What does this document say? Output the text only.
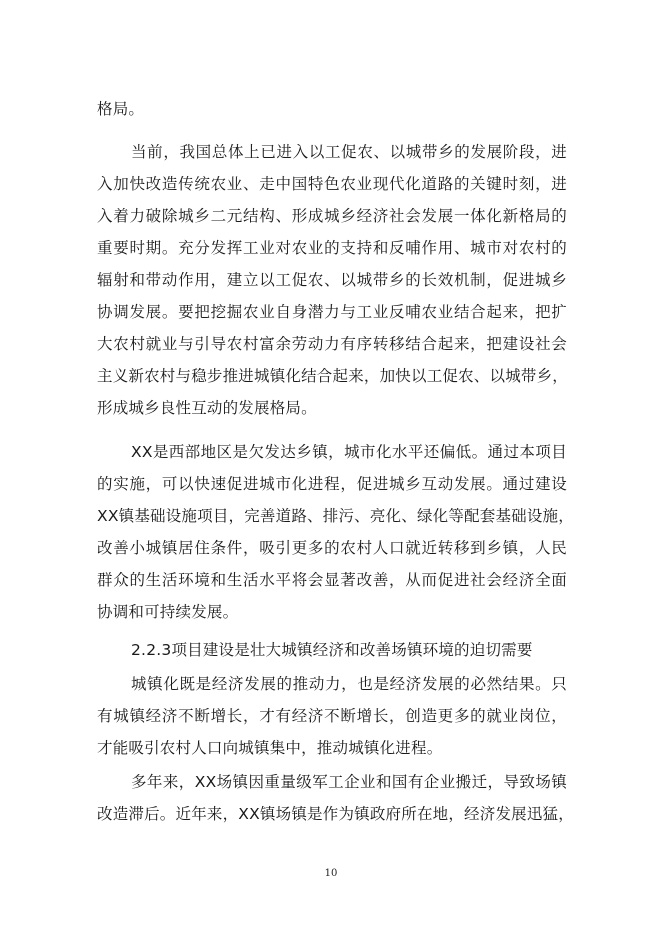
格局。
当前，我国总体上已进入以工促农、以城带乡的发展阶段，进
入加快改造传统农业、走中国特色农业现代化道路的关键时刻，进
入着力破除城乡二元结构、形成城乡经济社会发展一体化新格局的
重要时期。充分发挥工业对农业的支持和反哺作用、城市对农村的
辐射和带动作用，建立以工促农、以城带乡的长效机制，促进城乡
协调发展。要把挖掘农业自身潜力与工业反哺农业结合起来，把扩
大农村就业与引导农村富余劳动力有序转移结合起来，把建设社会
主义新农村与稳步推进城镇化结合起来，加快以工促农、以城带乡，
形成城乡良性互动的发展格局。
XX是西部地区是欠发达乡镇，城市化水平还偏低。通过本项目
的实施，可以快速促进城市化进程，促进城乡互动发展。通过建设
XX镇基础设施项目，完善道路、排污、亮化、绿化等配套基础设施，
改善小城镇居住条件，吸引更多的农村人口就近转移到乡镇，人民
群众的生活环境和生活水平将会显著改善，从而促进社会经济全面
协调和可持续发展。
2.2.3项目建设是壮大城镇经济和改善场镇环境的迫切需要
城镇化既是经济发展的推动力，也是经济发展的必然结果。只
有城镇经济不断增长，才有经济不断增长，创造更多的就业岗位，
才能吸引农村人口向城镇集中，推动城镇化进程。
多年来，XX场镇因重量级军工企业和国有企业搬迁，导致场镇
改造滞后。近年来，XX镇场镇是作为镇政府所在地，经济发展迅猛，
10
